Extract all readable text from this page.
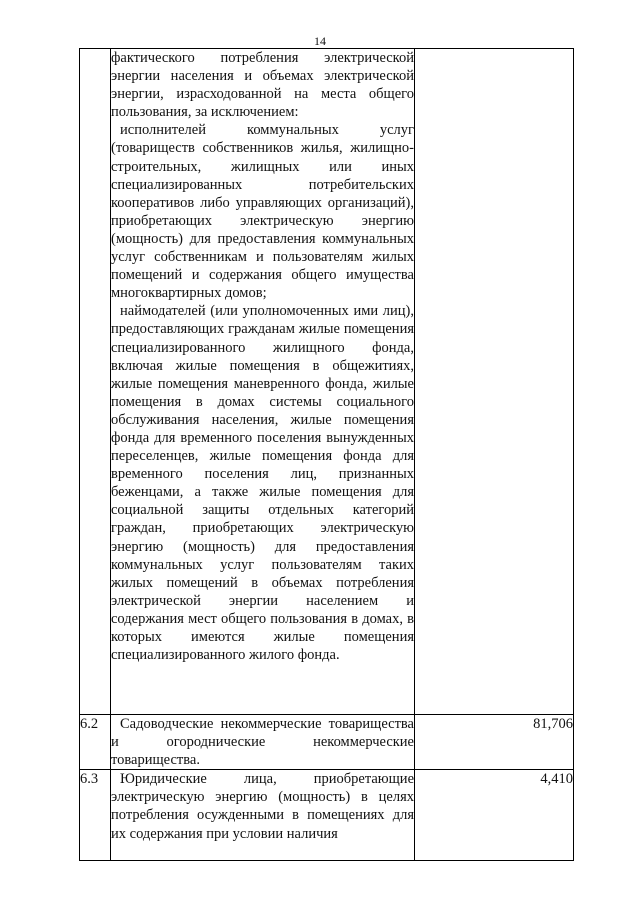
14

	фактического потребления электрической энергии населения и объемах электрической энергии, израсходованной на места общего пользования, за исключением:

исполнителей коммунальных услуг (товариществ собственников жилья, жилищно-строительных, жилищных или иных специализированных потребительских кооперативов либо управляющих организаций), приобретающих электрическую энергию (мощность) для предоставления коммунальных услуг собственникам и пользователям жилых помещений и содержания общего имущества многоквартирных домов;

наймодателей (или уполномоченных ими лиц), предоставляющих гражданам жилые помещения специализированного жилищного фонда, включая жилые помещения в общежитиях, жилые помещения маневренного фонда, жилые помещения в домах системы социального обслуживания населения, жилые помещения фонда для временного поселения вынужденных переселенцев, жилые помещения фонда для временного поселения лиц, признанных беженцами, а также жилые помещения для социальной защиты отдельных категорий граждан, приобретающих электрическую энергию (мощность) для предоставления коммунальных услуг пользователям таких жилых помещений в объемах потребления электрической энергии населением и содержания мест общего пользования в домах, в которых имеются жилые помещения специализированного жилого фонда.	

6.2	Садоводческие некоммерческие товарищества и огороднические некоммерческие товарищества.	81,706
6.3	Юридические лица, приобретающие электрическую энергию (мощность) в целях потребления осужденными в помещениях для их содержания при условии наличия	4,410
